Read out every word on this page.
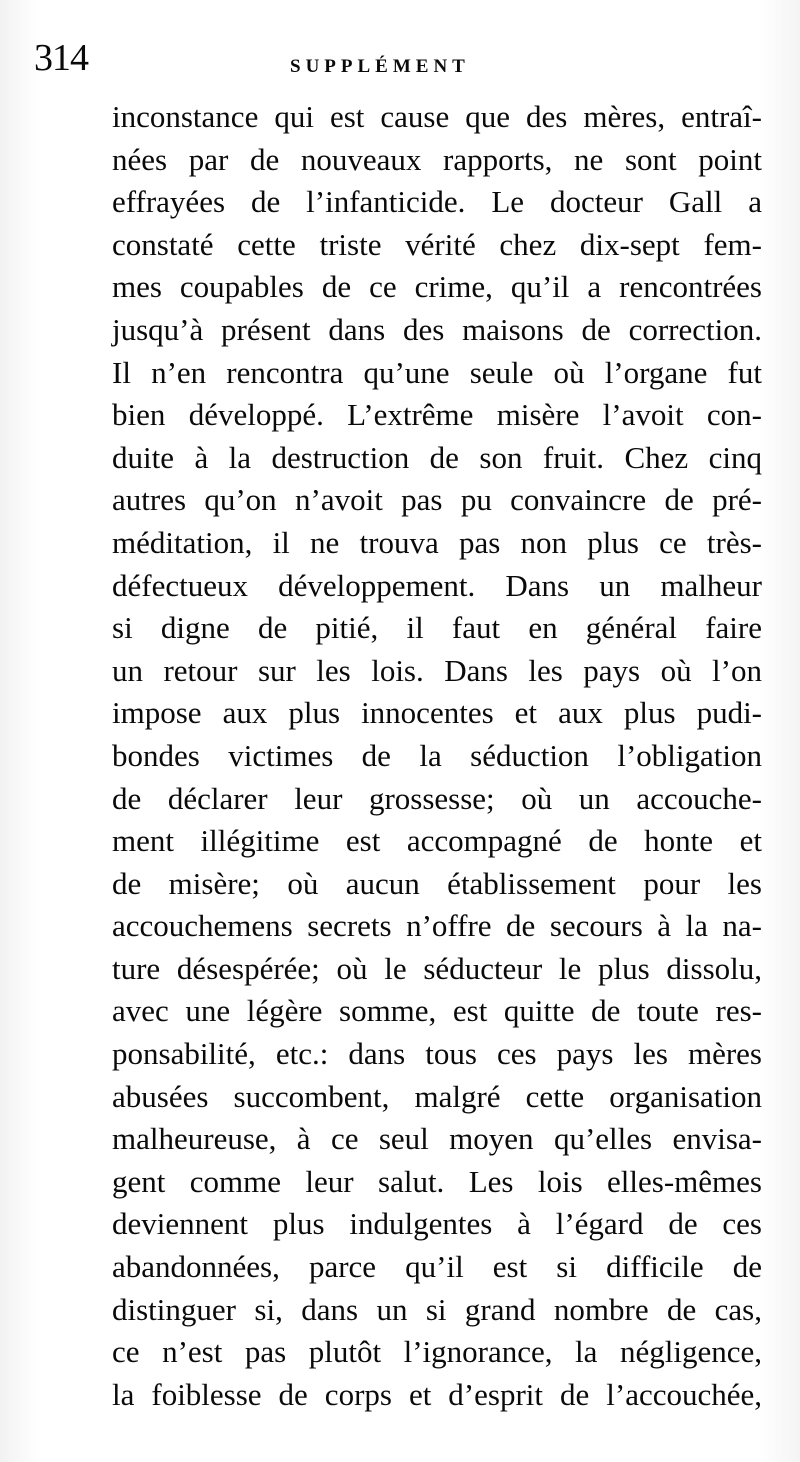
314	SUPPLÉMENT
inconstance qui est cause que des mères, entraî-
nées par de nouveaux rapports, ne sont point
effrayées de l’infanticide. Le docteur Gall a
constaté cette triste vérité chez dix-sept fem-
mes coupables de ce crime, qu’il a rencontrées
jusqu’à présent dans des maisons de correction.
Il n’en rencontra qu’une seule où l’organe fut
bien développé. L’extrême misère l’avoit con-
duite à la destruction de son fruit. Chez cinq
autres qu’on n’avoit pas pu convaincre de pré-
méditation, il ne trouva pas non plus ce très-
défectueux développement. Dans un malheur
si digne de pitié, il faut en général faire
un retour sur les lois. Dans les pays où l’on
impose aux plus innocentes et aux plus pudi-
bondes victimes de la séduction l’obligation
de déclarer leur grossesse; où un accouche-
ment illégitime est accompagné de honte et
de misère; où aucun établissement pour les
accouchemens secrets n’offre de secours à la na-
ture désespérée; où le séducteur le plus dissolu,
avec une légère somme, est quitte de toute res-
ponsabilité, etc.: dans tous ces pays les mères
abusées succombent, malgré cette organisation
malheureuse, à ce seul moyen qu’elles envisa-
gent comme leur salut. Les lois elles-mêmes
deviennent plus indulgentes à l’égard de ces
abandonnées, parce qu’il est si difficile de
distinguer si, dans un si grand nombre de cas,
ce n’est pas plutôt l’ignorance, la négligence,
la foiblesse de corps et d’esprit de l’accouchée,
